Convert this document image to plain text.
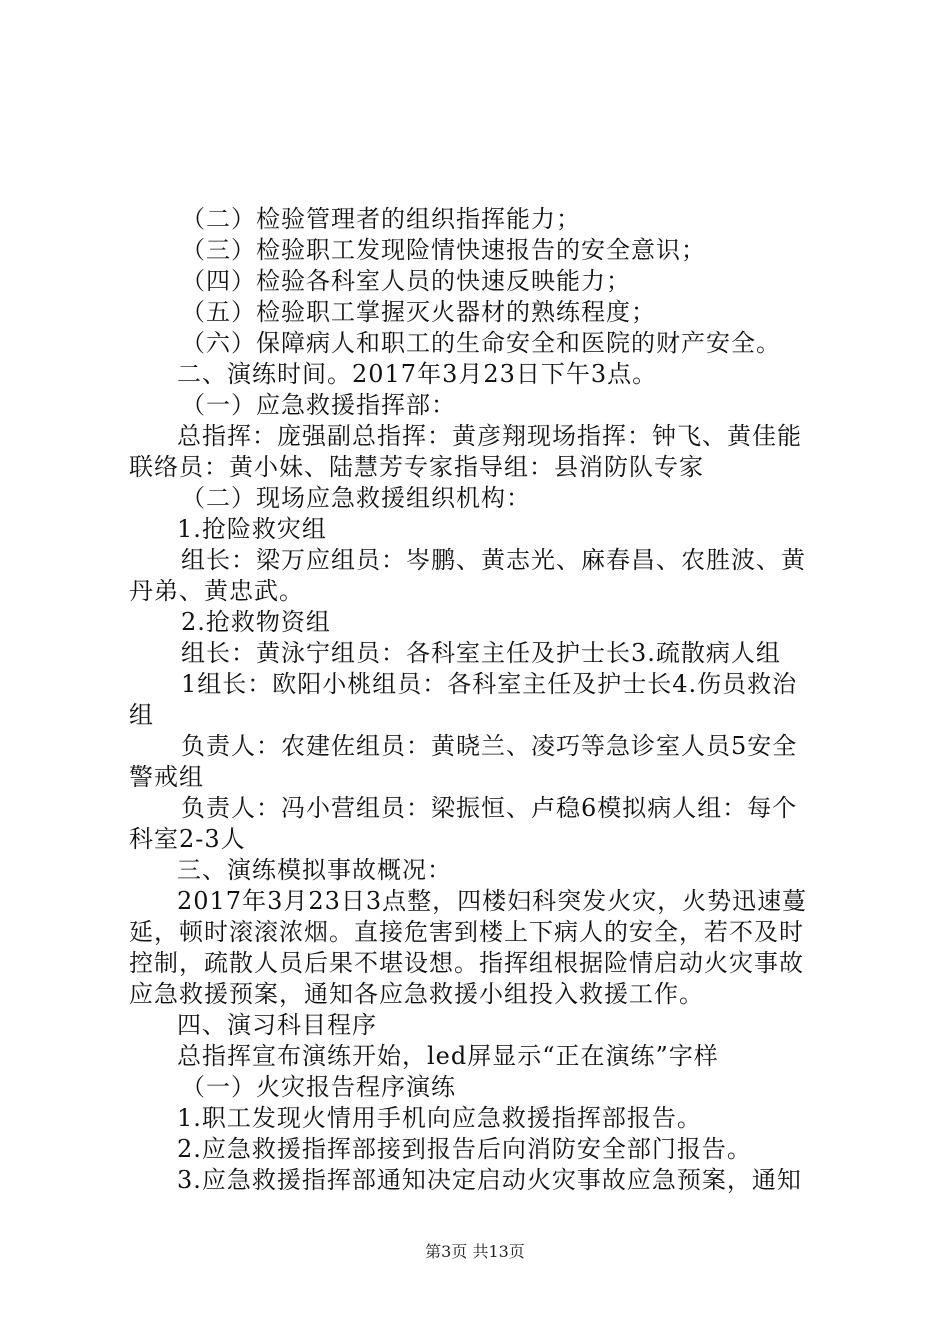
（二）检验管理者的组织指挥能力；
（三）检验职工发现险情快速报告的安全意识；
（四）检验各科室人员的快速反映能力；
（五）检验职工掌握灭火器材的熟练程度；
（六）保障病人和职工的生命安全和医院的财产安全。
二、演练时间。2017年3月23日下午3点。
（一）应急救援指挥部：
总指挥：庞强副总指挥：黄彦翔现场指挥：钟飞、黄佳能
联络员：黄小妹、陆慧芳专家指导组：县消防队专家
（二）现场应急救援组织机构：
1.抢险救灾组
组长：梁万应组员：岑鹏、黄志光、麻春昌、农胜波、黄
丹弟、黄忠武。
2.抢救物资组
组长：黄泳宁组员：各科室主任及护士长3.疏散病人组
1组长：欧阳小桃组员：各科室主任及护士长4.伤员救治
组
负责人：农建佐组员：黄晓兰、凌巧等急诊室人员5安全
警戒组
负责人：冯小营组员：梁振恒、卢稳6模拟病人组：每个
科室2-3人
三、演练模拟事故概况：
2017年3月23日3点整，四楼妇科突发火灾，火势迅速蔓
延，顿时滚滚浓烟。直接危害到楼上下病人的安全，若不及时
控制，疏散人员后果不堪设想。指挥组根据险情启动火灾事故
应急救援预案，通知各应急救援小组投入救援工作。
四、演习科目程序
总指挥宣布演练开始，led屏显示“正在演练”字样
（一）火灾报告程序演练
1.职工发现火情用手机向应急救援指挥部报告。
2.应急救援指挥部接到报告后向消防安全部门报告。
3.应急救援指挥部通知决定启动火灾事故应急预案，通知
第3页 共13页
